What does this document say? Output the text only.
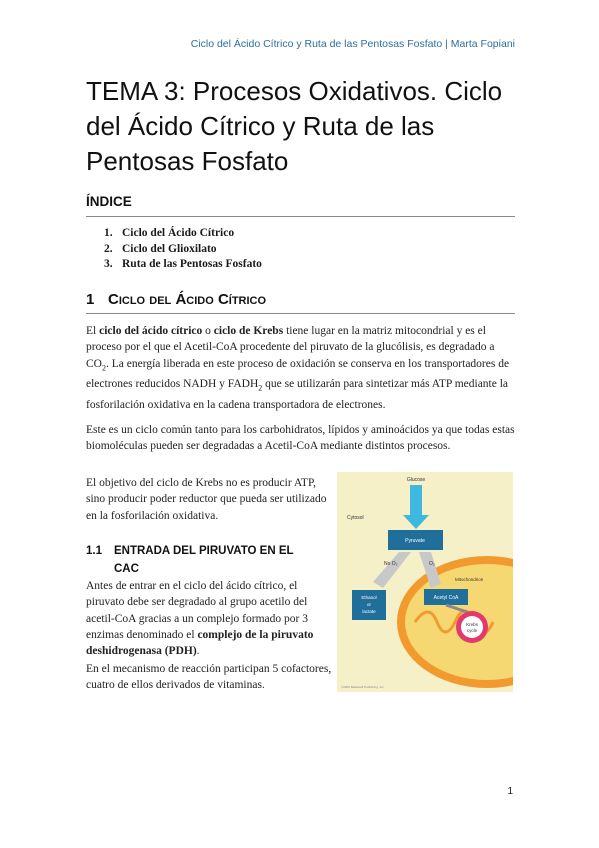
Ciclo del Ácido Cítrico y Ruta de las Pentosas Fosfato | Marta Fopiani
TEMA 3: Procesos Oxidativos. Ciclo del Ácido Cítrico y Ruta de las Pentosas Fosfato
ÍNDICE
1. Ciclo del Ácido Cítrico
2. Ciclo del Glioxilato
3. Ruta de las Pentosas Fosfato
1 Ciclo del Ácido Cítrico

El ciclo del ácido cítrico o ciclo de Krebs tiene lugar en la matriz mitocondrial y es el proceso por el que el Acetil-CoA procedente del piruvato de la glucólisis, es degradado a $CO_2$. La energía liberada en este proceso de oxidación se conserva en los transportadores de electrones reducidos NADH y $FADH_2$ que se utilizarán para sintetizar más ATP mediante la fosforilación oxidativa en la cadena transportadora de electrones.

Este es un ciclo común tanto para los carbohidratos, lípidos y aminoácidos ya que todas estas biomoléculas pueden ser degradadas a Acetil-CoA mediante distintos procesos.

El objetivo del ciclo de Krebs no es producir ATP, sino producir poder reductor que pueda ser utilizado en la fosforilación oxidativa.

1.1 ENTRADA DEL PIRUVATO EN EL
CAC

Antes de entrar en el ciclo del ácido cítrico, el piruvato debe ser degradado al grupo acetilo del acetil-CoA gracias a un complejo formado por 3 enzimas denominado el complejo de la piruvato deshidrogenasa (PDH).

En el mecanismo de reacción participan 5 cofactores, cuatro de ellos derivados de vitaminas.

Glucose
Cytosol
Pyruvate
No O₂	O₂
Mitochondrion
Ethanol
or
lactate
Acetyl CoA
Krebs
cycle
©2006 Blackwell Publishing, Inc.
1
